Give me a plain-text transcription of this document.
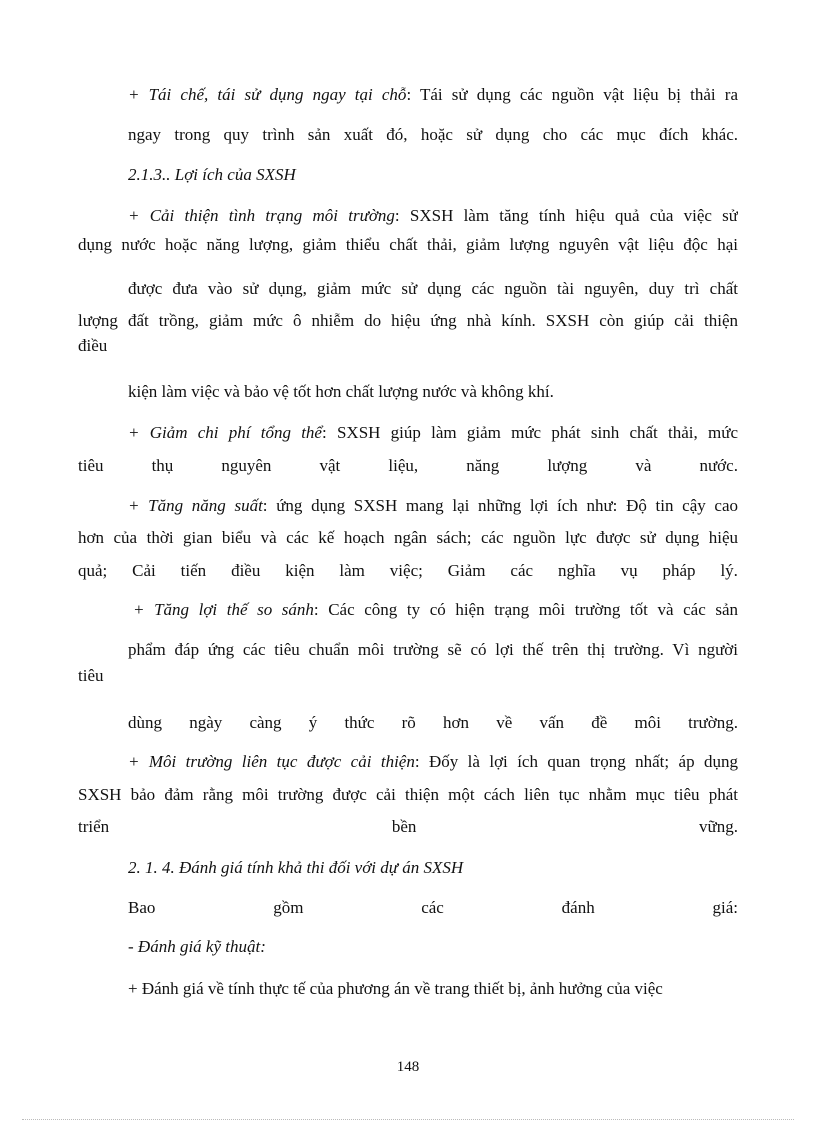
+ Tái chế, tái sử dụng ngay tại chỗ: Tái sử dụng các nguồn vật liệu bị thải ra
ngay trong quy trình sản xuất đó, hoặc sử dụng cho các mục đích khác.
2.1.3.. Lợi ích của SXSH
+ Cải thiện tình trạng môi trường: SXSH làm tăng tính hiệu quả của việc sử
dụng nước hoặc năng lượng, giảm thiểu chất thải, giảm lượng nguyên vật liệu độc hại
được đưa vào sử dụng, giảm mức sử dụng các nguồn tài nguyên, duy trì chất
lượng đất trồng, giảm mức ô nhiễm do hiệu ứng nhà kính. SXSH còn giúp cải thiện
điều
kiện làm việc và bảo vệ tốt hơn chất lượng nước và không khí.
+ Giảm chi phí tổng thể: SXSH giúp làm giảm mức phát sinh chất thải, mức
tiêu	thụ	nguyên	vật	liệu,	năng	lượng	và	nước.
+ Tăng năng suất: ứng dụng SXSH mang lại những lợi ích như: Độ tin cậy cao
hơn của thời gian biểu và các kế hoạch ngân sách; các nguồn lực được sử dụng hiệu
quả; Cải tiến điều kiện làm việc; Giảm các nghĩa vụ pháp lý.
+ Tăng lợi thế so sánh: Các công ty có hiện trạng môi trường tốt và các sản
phẩm đáp ứng các tiêu chuẩn môi trường sẽ có lợi thế trên thị trường. Vì người
tiêu
dùng ngày càng ý thức rõ hơn về vấn đề môi trường.
+ Môi trường liên tục được cải thiện: Đốy là lợi ích quan trọng nhất; áp dụng
SXSH bảo đảm rằng môi trường được cải thiện một cách liên tục nhằm mục tiêu phát
triển	bền	vững.
2. 1. 4. Đánh giá tính khả thi đối với dự án SXSH
Bao	gồm	các	đánh	giá:
- Đánh giá kỹ thuật:
+ Đánh giá về tính thực tế của phương án về trang thiết bị, ảnh hưởng của việc
148
